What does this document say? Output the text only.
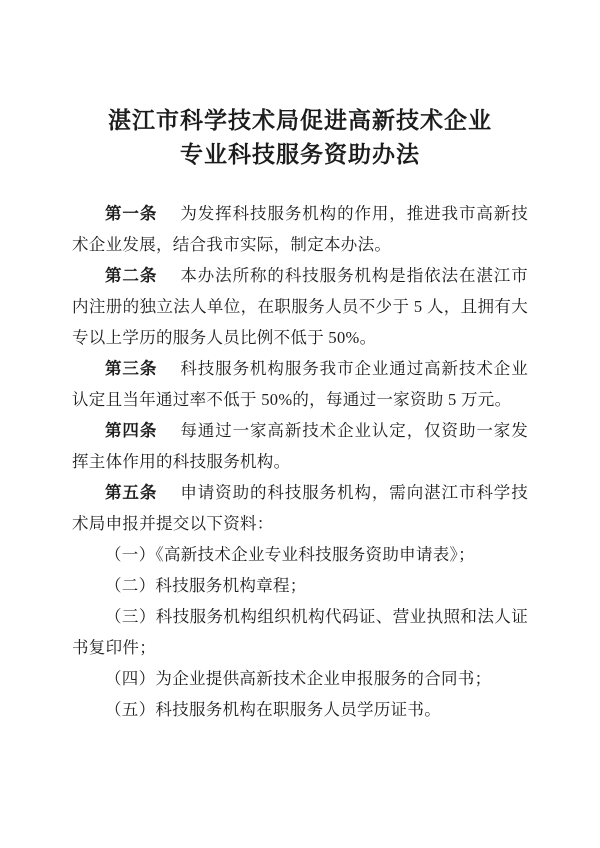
湛江市科学技术局促进高新技术企业
专业科技服务资助办法

第一条 为发挥科技服务机构的作用，推进我市高新技术企业发展，结合我市实际，制定本办法。

第二条 本办法所称的科技服务机构是指依法在湛江市内注册的独立法人单位，在职服务人员不少于 5 人，且拥有大专以上学历的服务人员比例不低于 50%。

第三条 科技服务机构服务我市企业通过高新技术企业认定且当年通过率不低于 50%的，每通过一家资助 5 万元。

第四条 每通过一家高新技术企业认定，仅资助一家发挥主体作用的科技服务机构。

第五条 申请资助的科技服务机构，需向湛江市科学技术局申报并提交以下资料：

（一）《高新技术企业专业科技服务资助申请表》；

（二）科技服务机构章程；

（三）科技服务机构组织机构代码证、营业执照和法人证书复印件；

（四）为企业提供高新技术企业申报服务的合同书；

（五）科技服务机构在职服务人员学历证书。
